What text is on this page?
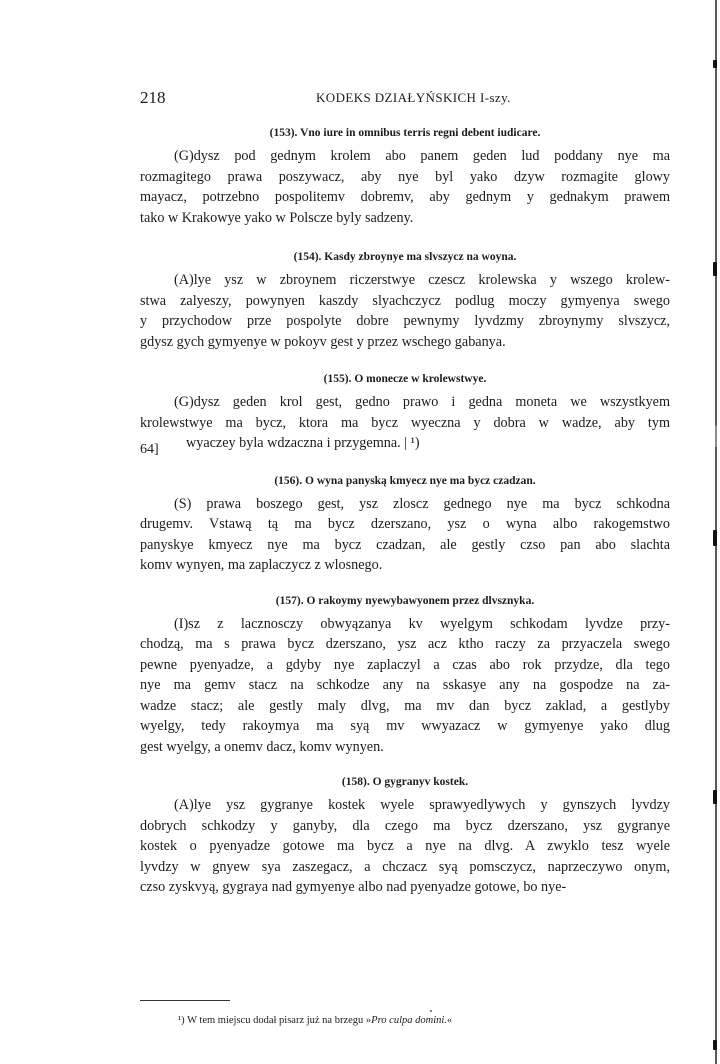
218	KODEKS DZIAŁYŃSKICH I-szy.

(153). Vno iure in omnibus terris regni debent iudicare.

(G)dysz pod gednym krolem abo panem geden lud poddany nye ma
rozmagitego prawa poszywacz, aby nye byl yako dzyw rozmagite glowy
mayacz, potrzebno pospolitemv dobremv, aby gednym y gednakym prawem
tako w Krakowye yako w Polscze byly sadzeny.

(154). Kasdy zbroynye ma slvszycz na woyna.

(A)lye ysz w zbroynem riczerstwye czescz krolewska y wszego krolew-
stwa zalyeszy, powynyen kaszdy slyachczycz podlug moczy gymyenya swego
y przychodow prze pospolyte dobre pewnymy lyvdzmy zbroynymy slvszycz,
gdysz gych gymyenye w pokoyv gest y przez wschego gabanya.

(155). O monecze w krolewstwye.

(G)dysz geden krol gest, gedno prawo i gedna moneta we wszystkyem
krolewstwye ma bycz, ktora ma bycz wyeczna y dobra w wadze, aby tym
wyaczey byla wdzaczna i przygemna. | ¹)

(156). O wyna panyską kmyecz nye ma bycz czadzan.

(S) prawa boszego gest, ysz zloscz gednego nye ma bycz schkodna
drugemv. Vstawą tą ma bycz dzerszano, ysz o wyna albo rakogemstwo
panyskye kmyecz nye ma bycz czadzan, ale gestly czso pan abo slachta
komv wynyen, ma zaplaczycz z wlosnego.

(157). O rakoymy nyewybawyonem przez dlvsznyka.

(I)sz z lacznosczy obwyązanya kv wyelgym schkodam lyvdze przy-
chodzą, ma s prawa bycz dzerszano, ysz acz ktho raczy za przyaczela swego
pewne pyenyadze, a gdyby nye zaplaczyl a czas abo rok przydze, dla tego
nye ma gemv stacz na schkodze any na sskasye any na gospodze na za-
wadze stacz; ale gestly maly dlvg, ma mv dan bycz zaklad, a gestlyby
wyelgy, tedy rakoymya ma syą mv wwyazacz w gymyenye yako dlug
gest wyelgy, a onemv dacz, komv wynyen.

(158). O gygranyv kostek.

(A)lye ysz gygranye kostek wyele sprawyedlywych y gynszych lyvdzy
dobrych schkodzy y ganyby, dla czego ma bycz dzerszano, ysz gygranye
kostek o pyenyadze gotowe ma bycz a nye na dlvg. A zwyklo tesz wyele
lyvdzy w gnyew sya zaszegacz, a chczacz syą pomsczycz, naprzeczywo onym,
czso zyskvyą, gygraya nad gymyenye albo nad pyenyadze gotowe, bo nye-
64]
¹) W tem miejscu dodał pisarz już na brzegu »Pro culpa domini.«
